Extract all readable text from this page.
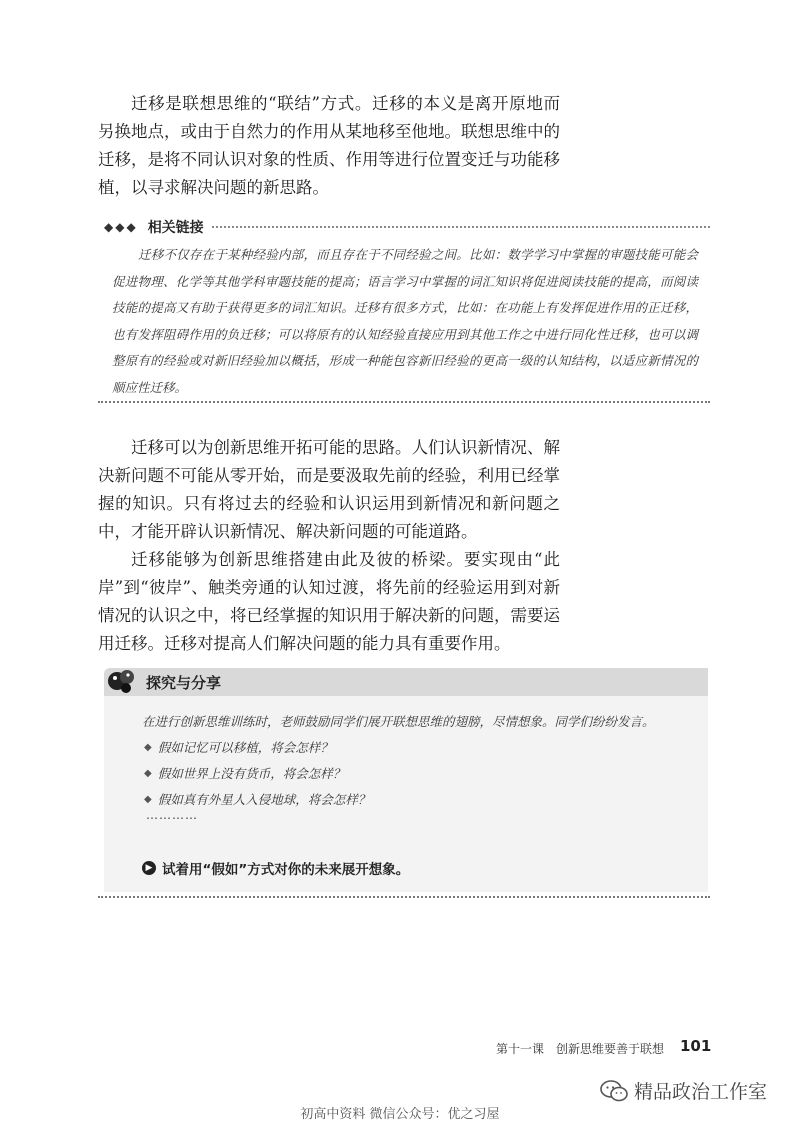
迁移是联想思维的“联结”方式。迁移的本义是离开原地而另换地点，或由于自然力的作用从某地移至他地。联想思维中的迁移，是将不同认识对象的性质、作用等进行位置变迁与功能移植，以寻求解决问题的新思路。

◆◆◆ 相关链接

迁移不仅存在于某种经验内部，而且存在于不同经验之间。比如：数学学习中掌握的审题技能可能会促进物理、化学等其他学科审题技能的提高；语言学习中掌握的词汇知识将促进阅读技能的提高，而阅读技能的提高又有助于获得更多的词汇知识。迁移有很多方式，比如：在功能上有发挥促进作用的正迁移，也有发挥阻碍作用的负迁移；可以将原有的认知经验直接应用到其他工作之中进行同化性迁移，也可以调整原有的经验或对新旧经验加以概括，形成一种能包容新旧经验的更高一级的认知结构，以适应新情况的顺应性迁移。

迁移可以为创新思维开拓可能的思路。人们认识新情况、解决新问题不可能从零开始，而是要汲取先前的经验，利用已经掌握的知识。只有将过去的经验和认识运用到新情况和新问题之中，才能开辟认识新情况、解决新问题的可能道路。

迁移能够为创新思维搭建由此及彼的桥梁。要实现由“此岸”到“彼岸”、触类旁通的认知过渡，将先前的经验运用到对新情况的认识之中，将已经掌握的知识用于解决新的问题，需要运用迁移。迁移对提高人们解决问题的能力具有重要作用。

探究与分享

在进行创新思维训练时，老师鼓励同学们展开联想思维的翅膀，尽情想象。同学们纷纷发言。

◆ 假如记忆可以移植，将会怎样？
◆ 假如世界上没有货币，将会怎样？
◆ 假如真有外星人入侵地球，将会怎样？
…………
▶ 试着用“假如”方式对你的未来展开想象。
第十一课　创新思维要善于联想 101
精品政治工作室
初高中资料 微信公众号：优之习屋
